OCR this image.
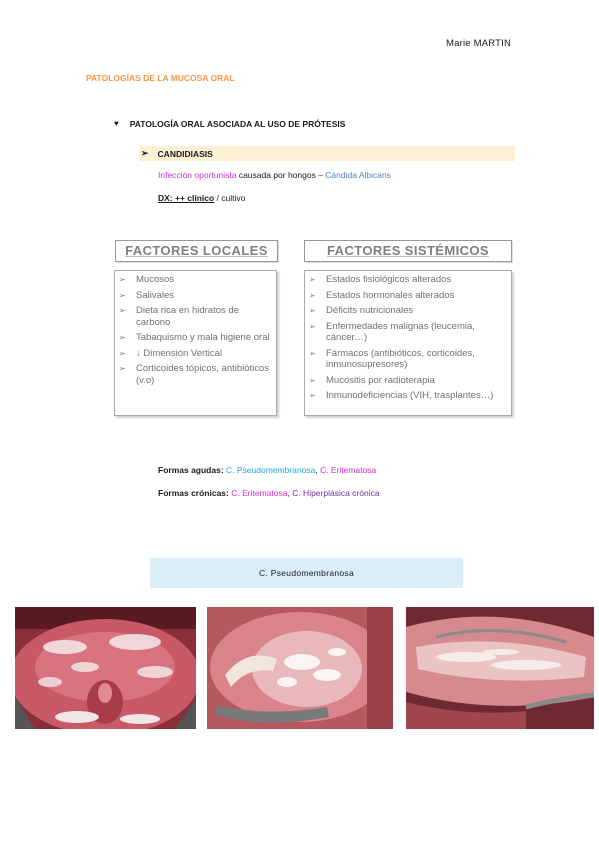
Marie MARTIN
PATOLOGÍAS DE LA MUCOSA ORAL
♥ PATOLOGÍA ORAL ASOCIADA AL USO DE PRÓTESIS
➢ CANDIDIASIS
Infección oportunista causada por hongos – Cándida Albicans
DX: ++ clínico / cultivo
FACTORES LOCALES
➢	Mucosos
➢	Salivales
➢	Dieta rica en hidratos de carbono
➢	Tabaquismo y mala higiene oral
➢	↓ Dimensión Vertical
➢	Corticoides tópicos, antibióticos (v.o)
FACTORES SISTÉMICOS
➢	Estados fisiológicos alterados
➢	Estados hormonales alterados
➢	Déficits nutricionales
➢	Enfermedades malignas (leucemia, cáncer…)
➢	Fármacos (antibióticos, corticoides, inmunosupresores)
➢	Mucositis por radioterapia
➢	Inmunodeficiencias (VIH, trasplantes…)
Formas agudas: C. Pseudomembranosa, C. Eritematosa
Formas crónicas: C. Eritematosa, C. Hiperplásica crónica
C. Pseudomembranosa
